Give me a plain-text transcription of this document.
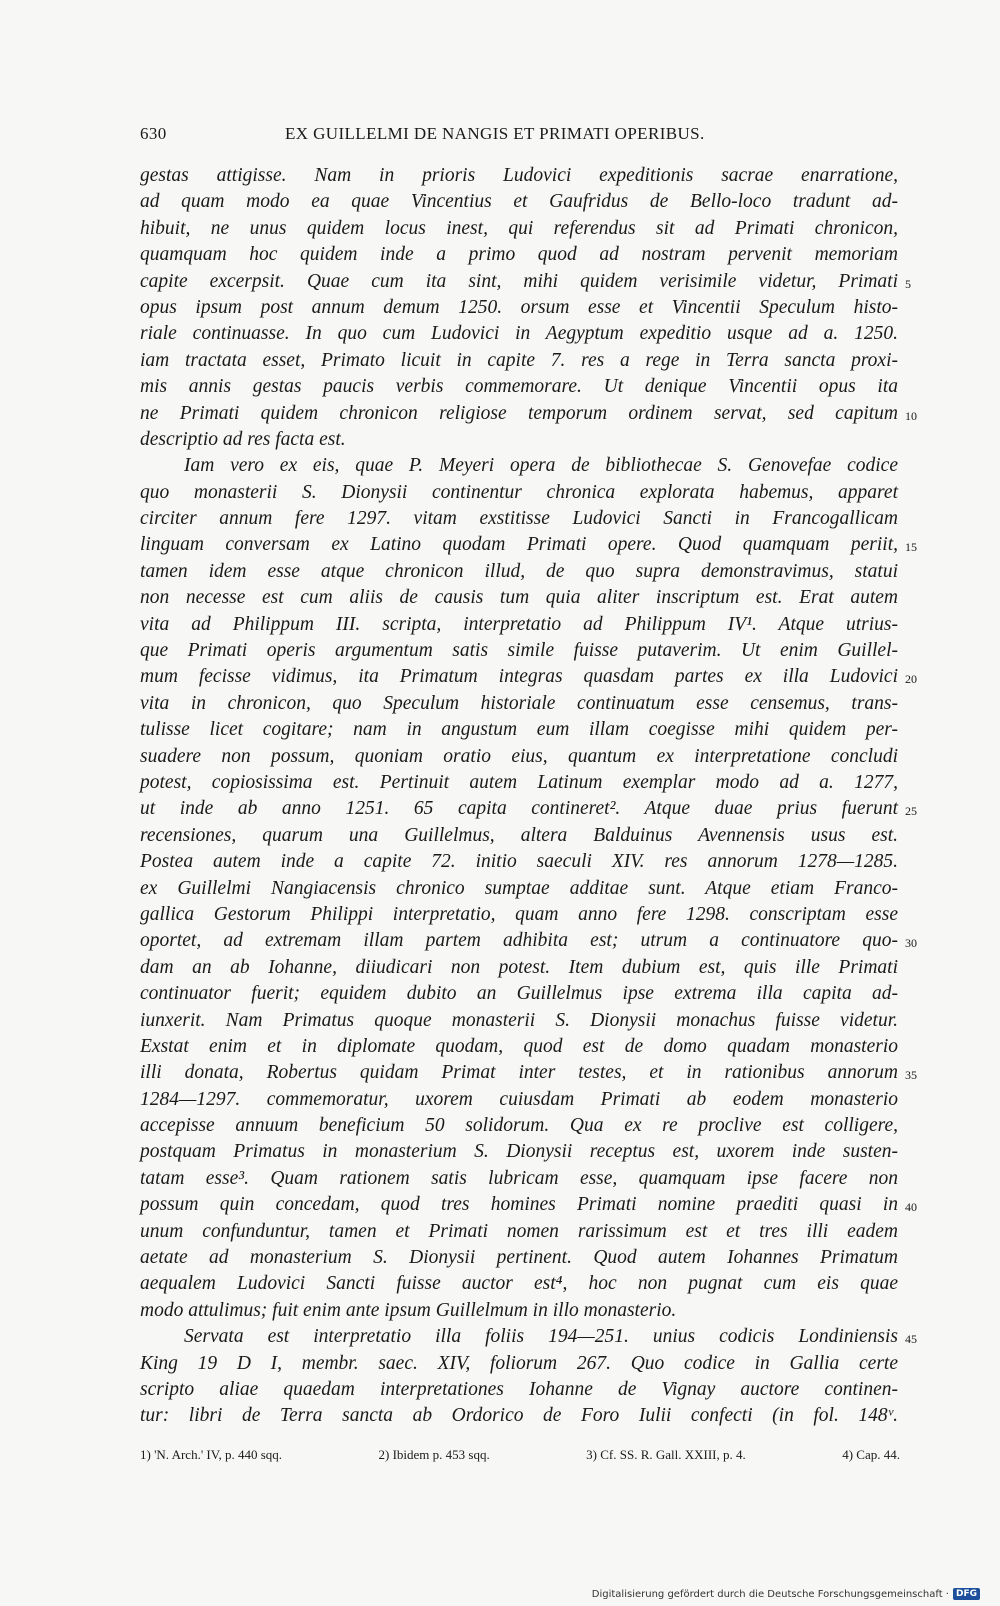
630	EX GUILLELMI DE NANGIS ET PRIMATI OPERIBUS.
gestas attigisse. Nam in prioris Ludovici expeditionis sacrae enarratione,
ad quam modo ea quae Vincentius et Gaufridus de Bello-loco tradunt ad-
hibuit, ne unus quidem locus inest, qui referendus sit ad Primati chronicon,
quamquam hoc quidem inde a primo quod ad nostram pervenit memoriam
capite excerpsit. Quae cum ita sint, mihi quidem verisimile videtur, Primati 5
opus ipsum post annum demum 1250. orsum esse et Vincentii Speculum histo-
riale continuasse. In quo cum Ludovici in Aegyptum expeditio usque ad a. 1250.
iam tractata esset, Primato licuit in capite 7. res a rege in Terra sancta proxi-
mis annis gestas paucis verbis commemorare. Ut denique Vincentii opus ita
ne Primati quidem chronicon religiose temporum ordinem servat, sed capitum 10
descriptio ad res facta est.
Iam vero ex eis, quae P. Meyeri opera de bibliothecae S. Genovefae codice
quo monasterii S. Dionysii continentur chronica explorata habemus, apparet
circiter annum fere 1297. vitam exstitisse Ludovici Sancti in Francogallicam
linguam conversam ex Latino quodam Primati opere. Quod quamquam periit, 15
tamen idem esse atque chronicon illud, de quo supra demonstravimus, statui
non necesse est cum aliis de causis tum quia aliter inscriptum est. Erat autem
vita ad Philippum III. scripta, interpretatio ad Philippum IV¹. Atque utrius-
que Primati operis argumentum satis simile fuisse putaverim. Ut enim Guillel-
mum fecisse vidimus, ita Primatum integras quasdam partes ex illa Ludovici 20
vita in chronicon, quo Speculum historiale continuatum esse censemus, trans-
tulisse licet cogitare; nam in angustum eum illam coegisse mihi quidem per-
suadere non possum, quoniam oratio eius, quantum ex interpretatione concludi
potest, copiosissima est. Pertinuit autem Latinum exemplar modo ad a. 1277,
ut inde ab anno 1251. 65 capita contineret². Atque duae prius fuerunt 25
recensiones, quarum una Guillelmus, altera Balduinus Avennensis usus est.
Postea autem inde a capite 72. initio saeculi XIV. res annorum 1278—1285.
ex Guillelmi Nangiacensis chronico sumptae additae sunt. Atque etiam Franco-
gallica Gestorum Philippi interpretatio, quam anno fere 1298. conscriptam esse
oportet, ad extremam illam partem adhibita est; utrum a continuatore quo- 30
dam an ab Iohanne, diiudicari non potest. Item dubium est, quis ille Primati
continuator fuerit; equidem dubito an Guillelmus ipse extrema illa capita ad-
iunxerit. Nam Primatus quoque monasterii S. Dionysii monachus fuisse videtur.
Exstat enim et in diplomate quodam, quod est de domo quadam monasterio
illi donata, Robertus quidam Primat inter testes, et in rationibus annorum 35
1284—1297. commemoratur, uxorem cuiusdam Primati ab eodem monasterio
accepisse annuum beneficium 50 solidorum. Qua ex re proclive est colligere,
postquam Primatus in monasterium S. Dionysii receptus est, uxorem inde susten-
tatam esse³. Quam rationem satis lubricam esse, quamquam ipse facere non
possum quin concedam, quod tres homines Primati nomine praediti quasi in 40
unum confunduntur, tamen et Primati nomen rarissimum est et tres illi eadem
aetate ad monasterium S. Dionysii pertinent. Quod autem Iohannes Primatum
aequalem Ludovici Sancti fuisse auctor est⁴, hoc non pugnat cum eis quae
modo attulimus; fuit enim ante ipsum Guillelmum in illo monasterio.
Servata est interpretatio illa foliis 194—251. unius codicis Londiniensis 45
King 19 D I, membr. saec. XIV, foliorum 267. Quo codice in Gallia certe
scripto aliae quaedam interpretationes Iohanne de Vignay auctore continen-
tur: libri de Terra sancta ab Ordorico de Foro Iulii confecti (in fol. 148ᵛ.
1) 'N. Arch.' IV, p. 440 sqq.	2) Ibidem p. 453 sqq.	3) Cf. SS. R. Gall. XXIII, p. 4.	4) Cap. 44.
Digitalisierung gefördert durch die Deutsche Forschungsgemeinschaft · DFG
